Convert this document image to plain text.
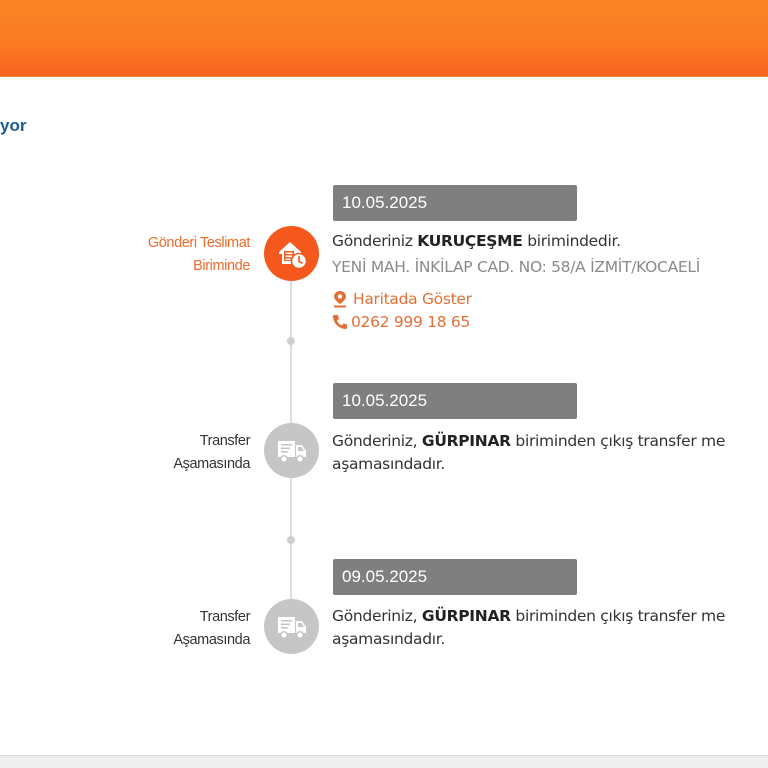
yor
Gönderi Teslimat
Biriminde
10.05.2025
Gönderiniz KURUÇEŞME birimindedir.
YENİ MAH. İNKİLAP CAD. NO: 58/A İZMİT/KOCAELİ
Haritada Göster
0262 999 18 65
Transfer
Aşamasında
10.05.2025
Gönderiniz, GÜRPINAR biriminden çıkış transfer me
aşamasındadır.
Transfer
Aşamasında
09.05.2025
Gönderiniz, GÜRPINAR biriminden çıkış transfer me
aşamasındadır.
